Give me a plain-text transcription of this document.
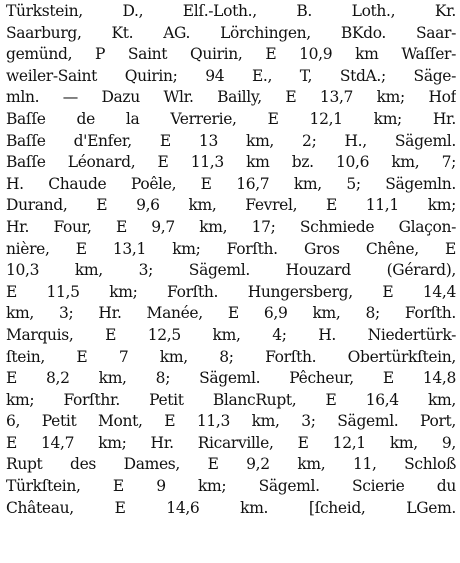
Türkstein, D., Elſ.-Loth., B. Loth., Kr.
Saarburg, Kt. AG. Lörchingen, BKdo. Saar-
gemünd, P Saint Quirin, E 10,9 km Waſſer-
weiler-Saint Quirin; 94 E., T, StdA.; Säge-
mln. — Dazu Wlr. Bailly, E 13,7 km; Hof
Baſſe de la Verrerie, E 12,1 km; Hr.
Baſſe d'Enfer, E 13 km, 2; H., Sägeml.
Baſſe Léonard, E 11,3 km bz. 10,6 km, 7;
H. Chaude Poêle, E 16,7 km, 5; Sägemln.
Durand, E 9,6 km, Fevrel, E 11,1 km;
Hr. Four, E 9,7 km, 17; Schmiede Glaçon-
nière, E 13,1 km; Forſth. Gros Chêne, E
10,3 km, 3; Sägeml. Houzard (Gérard),
E 11,5 km; Forſth. Hungersberg, E 14,4
km, 3; Hr. Manée, E 6,9 km, 8; Forſth.
Marquis, E 12,5 km, 4; H. Niedertürk-
ſtein, E 7 km, 8; Forſth. Obertürkſtein,
E 8,2 km, 8; Sägeml. Pêcheur, E 14,8
km; Forſthr. Petit BlancRupt, E 16,4 km,
6, Petit Mont, E 11,3 km, 3; Sägeml. Port,
E 14,7 km; Hr. Ricarville, E 12,1 km, 9,
Rupt des Dames, E 9,2 km, 11, Schloß
Türkſtein, E 9 km; Sägeml. Scierie du
Château, E 14,6 km. [ſcheid, LGem.
